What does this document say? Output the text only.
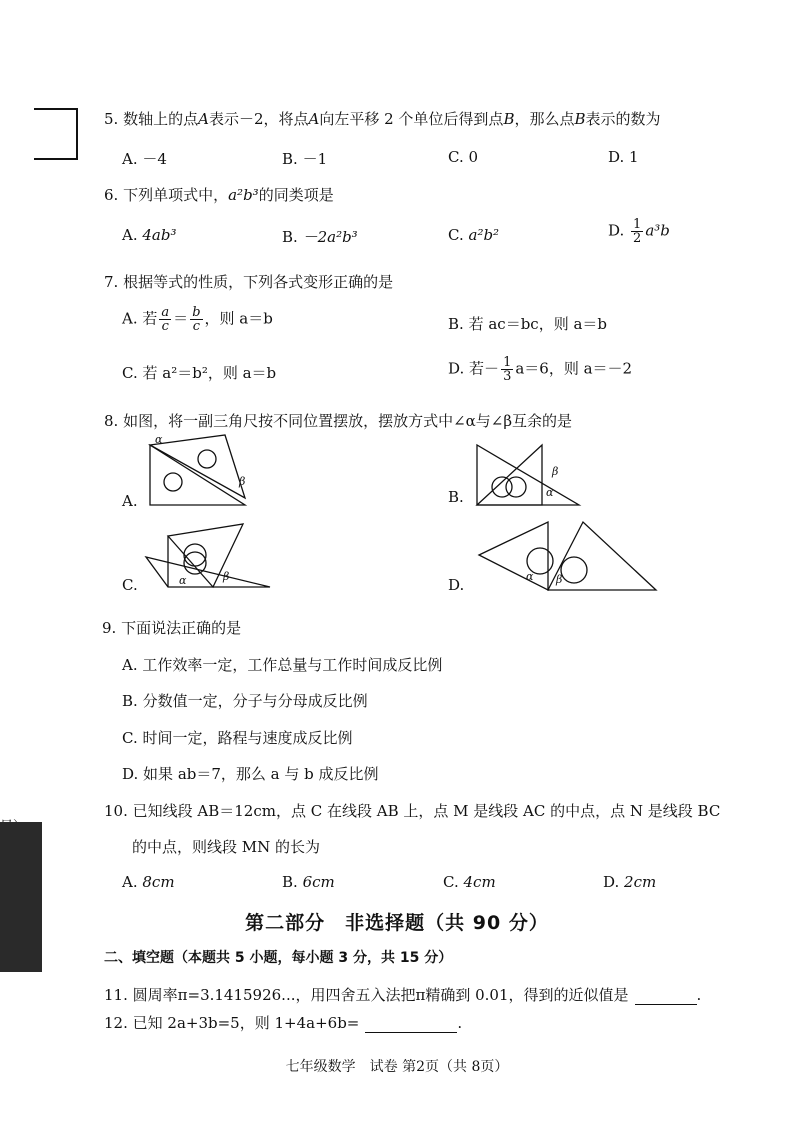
5. 数轴上的点A表示－2，将点A向左平移 2 个单位后得到点B，那么点B表示的数为
A. －4	B. －1	C. 0	D. 1
6. 下列单项式中，a²b³的同类项是
A. 4ab³	B. －2a²b³	C. a²b²	D. $\frac{1}{2} a^3b$
7. 根据等式的性质，下列各式变形正确的是
A. 若 $\frac{a}{c} = \frac{b}{c}$ ，则 a＝b	B. 若 ac＝bc，则 a＝b
C. 若 a²＝b²，则 a＝b	D. 若－ $\frac{1}{3} a=6$，则 a＝－2
8. 如图，将一副三角尺按不同位置摆放，摆放方式中∠α与∠β互余的是
A.
α
β
B.
β
α
C.	α	β	D.	α β
9. 下面说法正确的是
A. 工作效率一定，工作总量与工作时间成反比例
B. 分数值一定，分子与分母成反比例
C. 时间一定，路程与速度成反比例
D. 如果 ab＝7，那么 a 与 b 成反比例
10. 已知线段 AB＝12cm，点 C 在线段 AB 上，点 M 是线段 AC 的中点，点 N 是线段 BC
的中点，则线段 MN 的长为
A. 8cm	B. 6cm	C. 4cm	D. 2cm
第二部分　非选择题（共 90 分）
二、填空题（本题共 5 小题，每小题 3 分，共 15 分）
11. 圆周率π=3.1415926...，用四舍五入法把π精确到 0.01，得到的近似值是	.
12. 已知 2a+3b=5，则 1+4a+6b=	.
七年级数学　试卷 第2页（共 8页）
